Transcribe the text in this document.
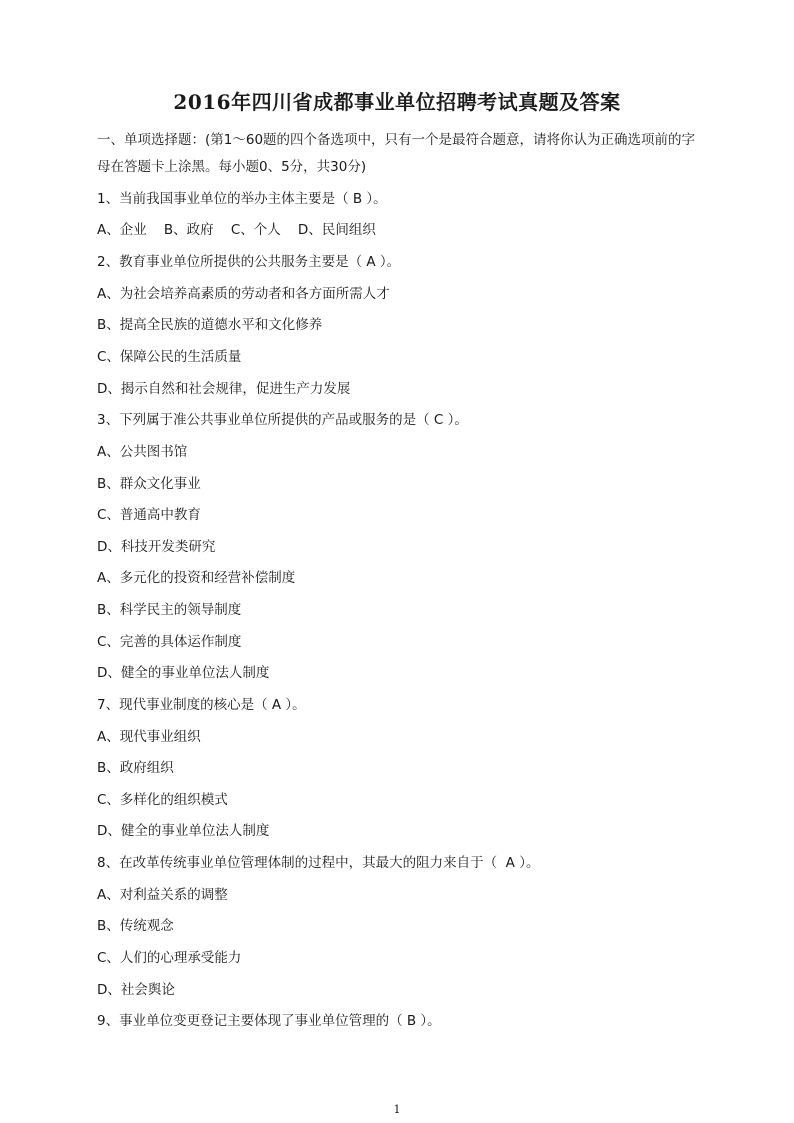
2016年四川省成都事业单位招聘考试真题及答案
一、单项选择题：(第1～60题的四个备选项中，只有一个是最符合题意，请将你认为正确选项前的字母在答题卡上涂黑。每小题0、5分，共30分)
1、当前我国事业单位的举办主体主要是（ B ）。
A、企业    B、政府    C、个人    D、民间组织
2、教育事业单位所提供的公共服务主要是（ A ）。
A、为社会培养高素质的劳动者和各方面所需人才
B、提高全民族的道德水平和文化修养
C、保障公民的生活质量
D、揭示自然和社会规律，促进生产力发展
3、下列属于准公共事业单位所提供的产品或服务的是（ C ）。
A、公共图书馆
B、群众文化事业
C、普通高中教育
D、科技开发类研究
A、多元化的投资和经营补偿制度
B、科学民主的领导制度
C、完善的具体运作制度
D、健全的事业单位法人制度
7、现代事业制度的核心是（ A ）。
A、现代事业组织
B、政府组织
C、多样化的组织模式
D、健全的事业单位法人制度
8、在改革传统事业单位管理体制的过程中，其最大的阻力来自于（  A ）。
A、对利益关系的调整
B、传统观念
C、人们的心理承受能力
D、社会舆论
9、事业单位变更登记主要体现了事业单位管理的（ B ）。
1
